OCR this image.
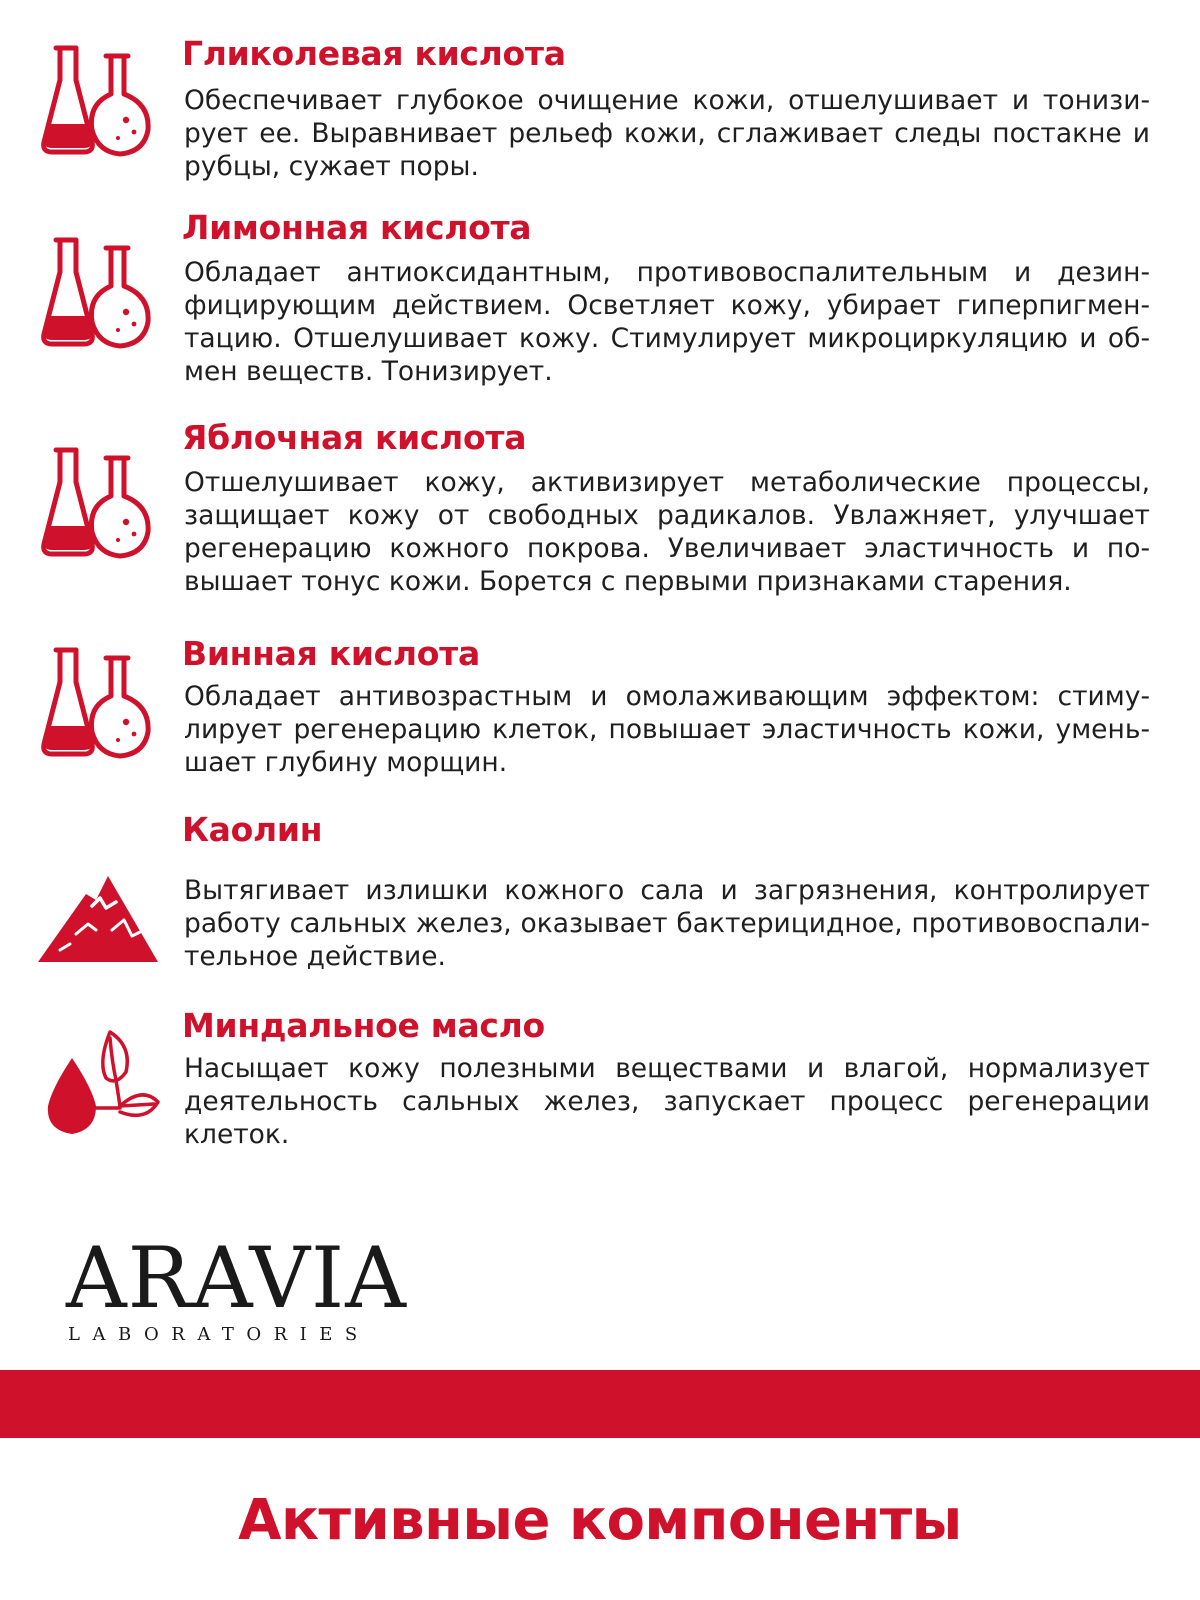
Гликолевая кислота
Обеспечивает глубокое очищение кожи, отшелушивает и тонизирует ее. Выравнивает рельеф кожи, сглаживает следы постакне и рубцы, сужает поры.
Лимонная кислота
Обладает антиоксидантным, противовоспалительным и дезинфицирующим действием. Осветляет кожу, убирает гиперпигментацию. Отшелушивает кожу. Стимулирует микроциркуляцию и обмен веществ. Тонизирует.
Яблочная кислота
Отшелушивает кожу, активизирует метаболические процессы, защищает кожу от свободных радикалов. Увлажняет, улучшает регенерацию кожного покрова. Увеличивает эластичность и повышает тонус кожи. Борется с первыми признаками старения.
Винная кислота
Обладает антивозрастным и омолаживающим эффектом: стимулирует регенерацию клеток, повышает эластичность кожи, уменьшает глубину морщин.
Каолин
Вытягивает излишки кожного сала и загрязнения, контролирует работу сальных желез, оказывает бактерицидное, противовоспалительное действие.
Миндальное масло
Насыщает кожу полезными веществами и влагой, нормализует деятельность сальных желез, запускает процесс регенерации клеток.
ARAVIA
LABORATORIES
Активные компоненты
